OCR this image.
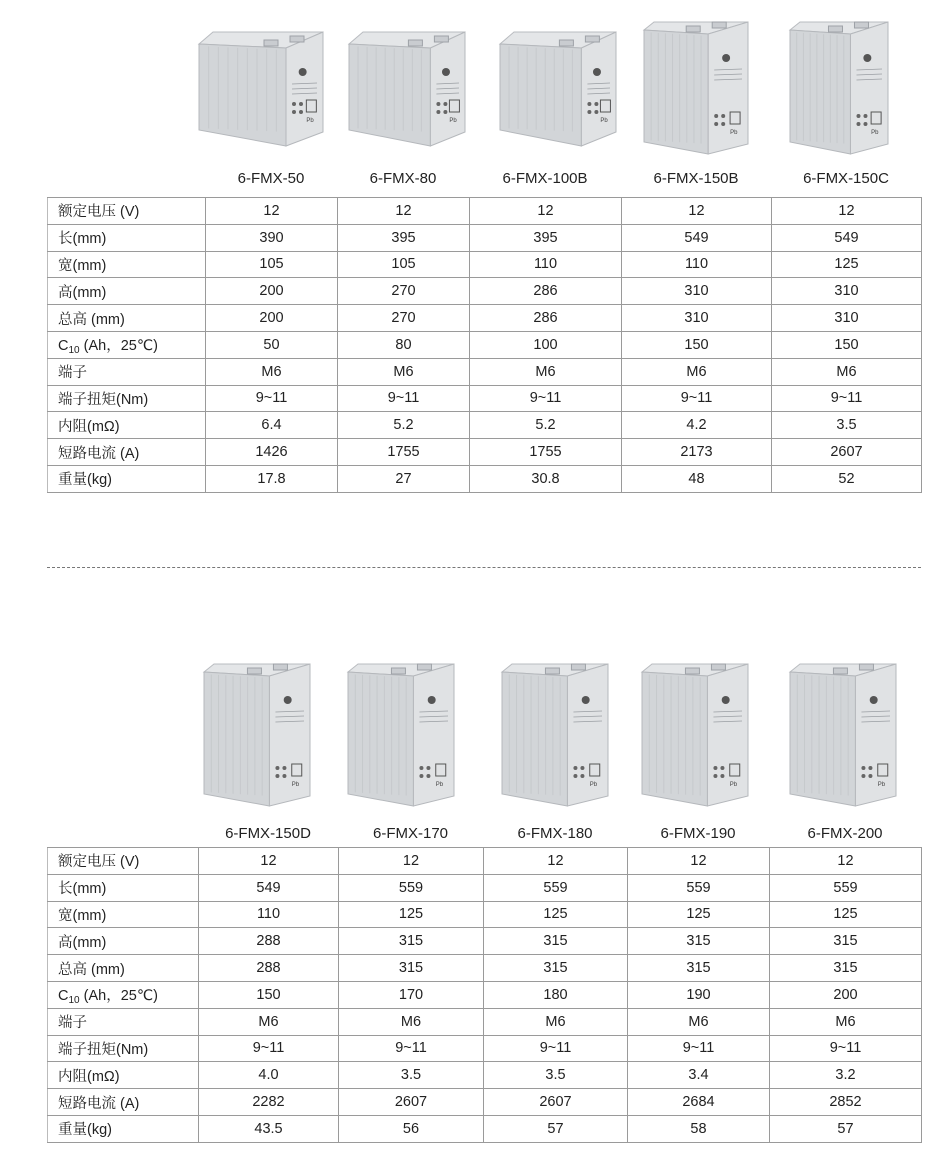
Pb	Pb	Pb
Pb	Pb
6-FMX-50	6-FMX-80	6-FMX-100B	6-FMX-150B	6-FMX-150C
额定电压 (V)	12	12	12	12	12
长(mm)	390	395	395	549	549
宽(mm)	105	105	110	110	125
高(mm)	200	270	286	310	310
总高 (mm)	200	270	286	310	310
$C_{10}$ (Ah，25℃)	50	80	100	150	150
端子	M6	M6	M6	M6	M6
端子扭矩(Nm)	9~11	9~11	9~11	9~11	9~11
内阻(mΩ)	6.4	5.2	5.2	4.2	3.5
短路电流 (A)	1426	1755	1755	2173	2607
重量(kg)	17.8	27	30.8	48	52
Pb	Pb	Pb	Pb	Pb
6-FMX-150D	6-FMX-170	6-FMX-180	6-FMX-190	6-FMX-200
额定电压 (V)	12	12	12	12	12
长(mm)	549	559	559	559	559
宽(mm)	110	125	125	125	125
高(mm)	288	315	315	315	315
总高 (mm)	288	315	315	315	315
$C_{10}$ (Ah，25℃)	150	170	180	190	200
端子	M6	M6	M6	M6	M6
端子扭矩(Nm)	9~11	9~11	9~11	9~11	9~11
内阻(mΩ)	4.0	3.5	3.5	3.4	3.2
短路电流 (A)	2282	2607	2607	2684	2852
重量(kg)	43.5	56	57	58	57
